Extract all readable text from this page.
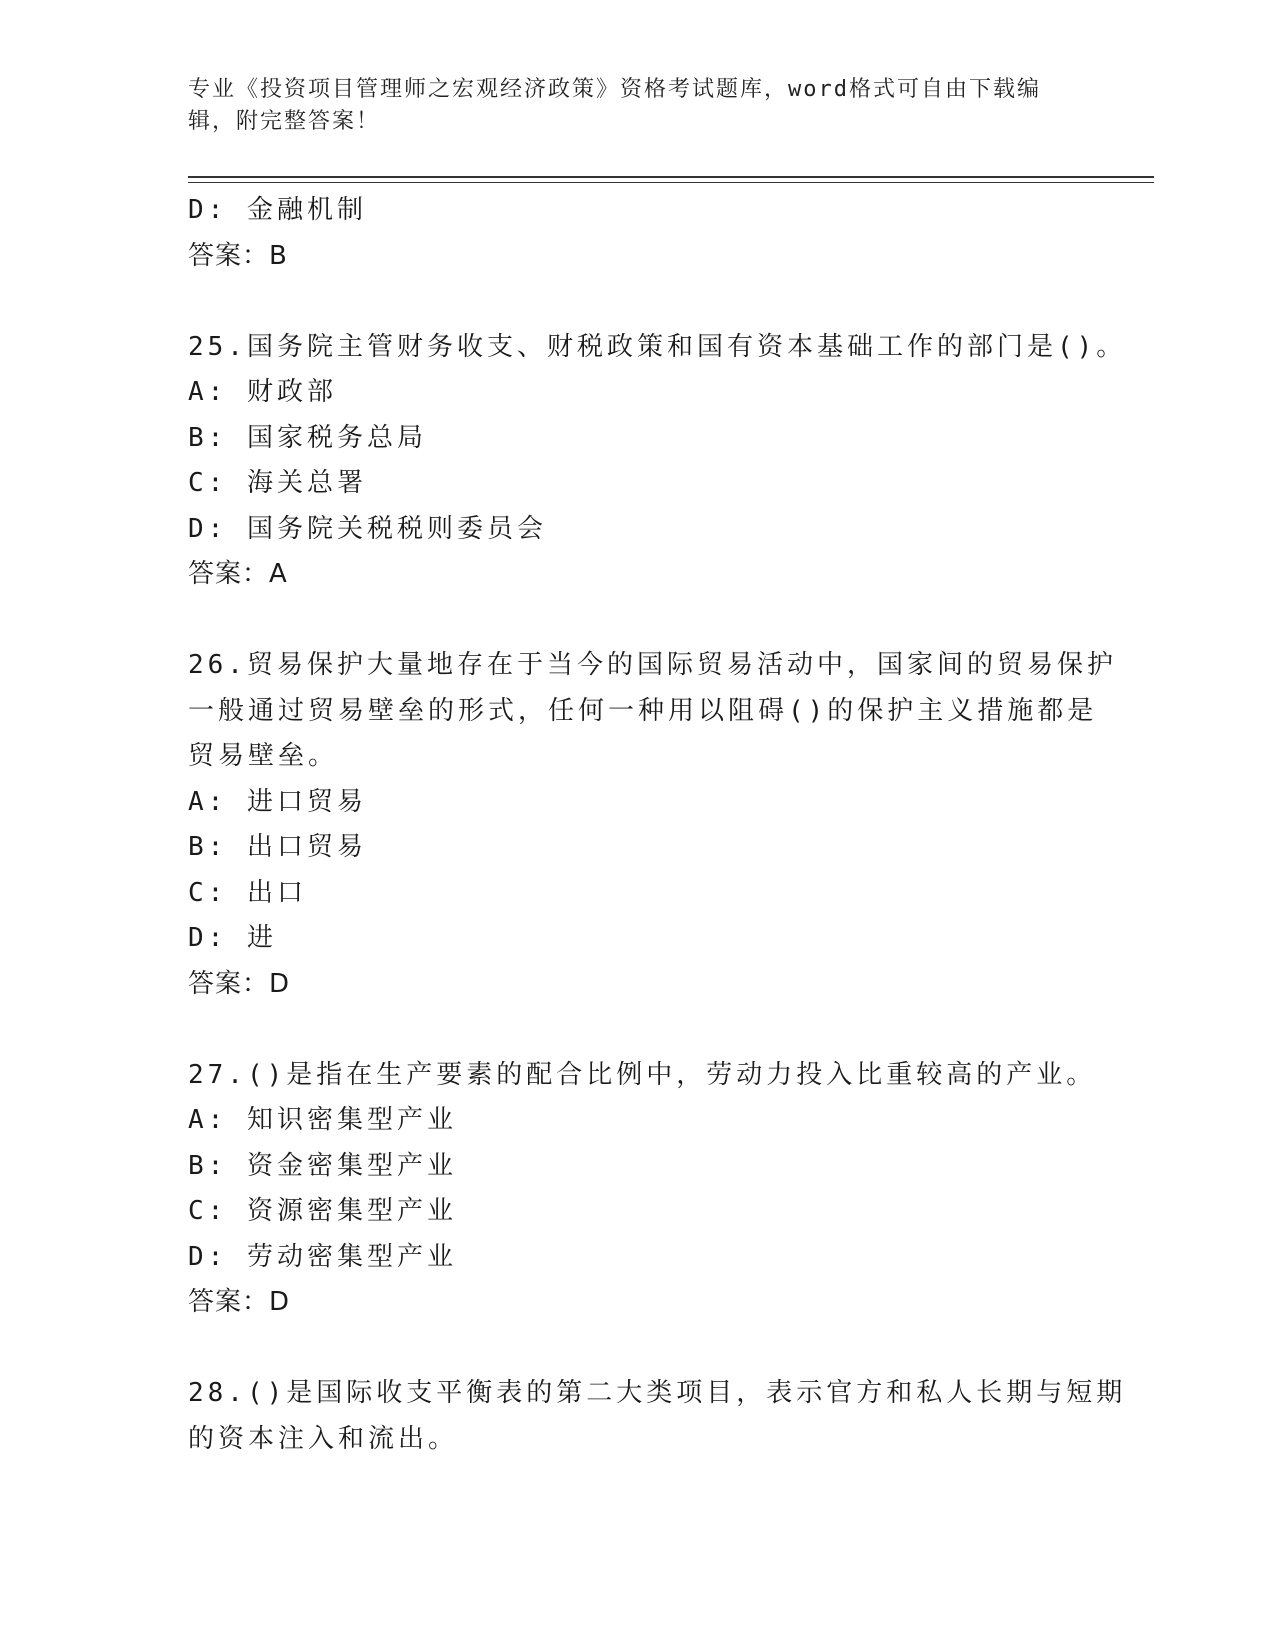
专业《投资项目管理师之宏观经济政策》资格考试题库，word格式可自由下载编
辑，附完整答案！
D: 金融机制
答案：B
25.国务院主管财务收支、财税政策和国有资本基础工作的部门是()。
A: 财政部
B: 国家税务总局
C: 海关总署
D: 国务院关税税则委员会
答案：A
26.贸易保护大量地存在于当今的国际贸易活动中，国家间的贸易保护
一般通过贸易壁垒的形式，任何一种用以阻碍()的保护主义措施都是
贸易壁垒。
A: 进口贸易
B: 出口贸易
C: 出口
D: 进
答案：D
27.()是指在生产要素的配合比例中，劳动力投入比重较高的产业。
A: 知识密集型产业
B: 资金密集型产业
C: 资源密集型产业
D: 劳动密集型产业
答案：D
28.()是国际收支平衡表的第二大类项目，表示官方和私人长期与短期
的资本注入和流出。
